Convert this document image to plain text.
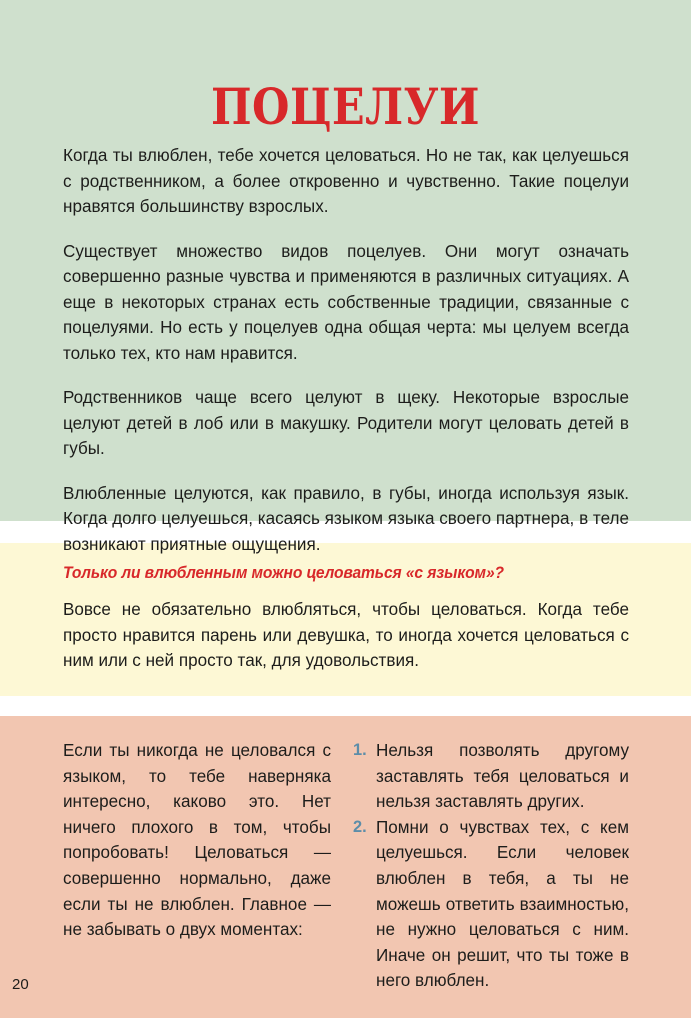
ПОЦЕЛУИ

Когда ты влюблен, тебе хочется целоваться. Но не так, как целуешься с родственником, а более откровенно и чувственно. Такие поцелуи нравятся большинству взрослых.

Существует множество видов поцелуев. Они могут означать совершенно разные чувства и применяются в различных ситуациях. А еще в некоторых странах есть собственные традиции, связанные с поцелуями. Но есть у поцелуев одна общая черта: мы целуем всегда только тех, кто нам нравится.

Родственников чаще всего целуют в щеку. Некоторые взрослые целуют детей в лоб или в макушку. Родители могут целовать детей в губы.

Влюбленные целуются, как правило, в губы, иногда используя язык. Когда долго целуешься, касаясь языком языка своего партнера, в теле возникают приятные ощущения.

Только ли влюбленным можно целоваться «с языком»?

Вовсе не обязательно влюбляться, чтобы целоваться. Когда тебе просто нравится парень или девушка, то иногда хочется целоваться с ним или с ней просто так, для удовольствия.

Если ты никогда не целовался с языком, то тебе наверняка интересно, каково это. Нет ничего плохого в том, чтобы попробовать! Целоваться — совершенно нормально, даже если ты не влюблен. Главное — не забывать о двух моментах:

1. Нельзя позволять другому заставлять тебя целоваться и нельзя заставлять других.
2. Помни о чувствах тех, с кем целуешься. Если человек влюблен в тебя, а ты не можешь ответить взаимностью, не нужно целоваться с ним. Иначе он решит, что ты тоже в него влюблен.
20
